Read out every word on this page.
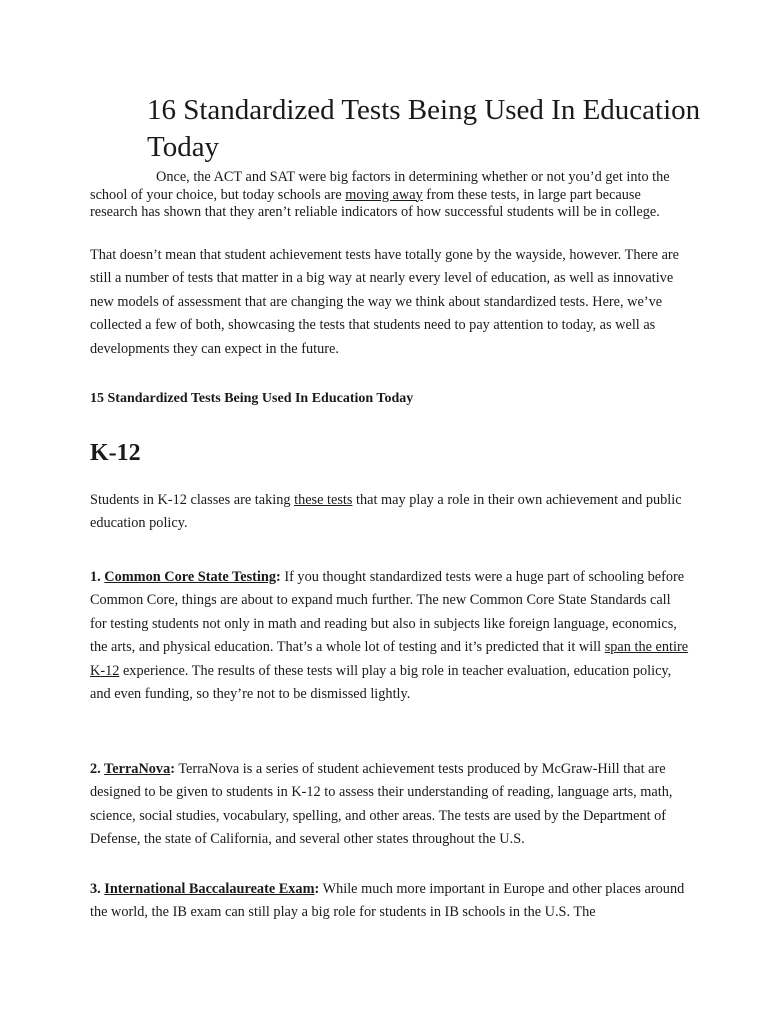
16 Standardized Tests Being Used In Education Today

Once, the ACT and SAT were big factors in determining whether or not you’d get into the school of your choice, but today schools are moving away from these tests, in large part because research has shown that they aren’t reliable indicators of how successful students will be in college.

That doesn’t mean that student achievement tests have totally gone by the wayside, however. There are still a number of tests that matter in a big way at nearly every level of education, as well as innovative new models of assessment that are changing the way we think about standardized tests. Here, we’ve collected a few of both, showcasing the tests that students need to pay attention to today, as well as developments they can expect in the future.

15 Standardized Tests Being Used In Education Today

K-12

Students in K-12 classes are taking these tests that may play a role in their own achievement and public education policy.

1. Common Core State Testing: If you thought standardized tests were a huge part of schooling before Common Core, things are about to expand much further. The new Common Core State Standards call for testing students not only in math and reading but also in subjects like foreign language, economics, the arts, and physical education. That’s a whole lot of testing and it’s predicted that it will span the entire K-12 experience. The results of these tests will play a big role in teacher evaluation, education policy, and even funding, so they’re not to be dismissed lightly.

2. TerraNova: TerraNova is a series of student achievement tests produced by McGraw-Hill that are designed to be given to students in K-12 to assess their understanding of reading, language arts, math, science, social studies, vocabulary, spelling, and other areas. The tests are used by the Department of Defense, the state of California, and several other states throughout the U.S.

3. International Baccalaureate Exam: While much more important in Europe and other places around the world, the IB exam can still play a big role for students in IB schools in the U.S. The
